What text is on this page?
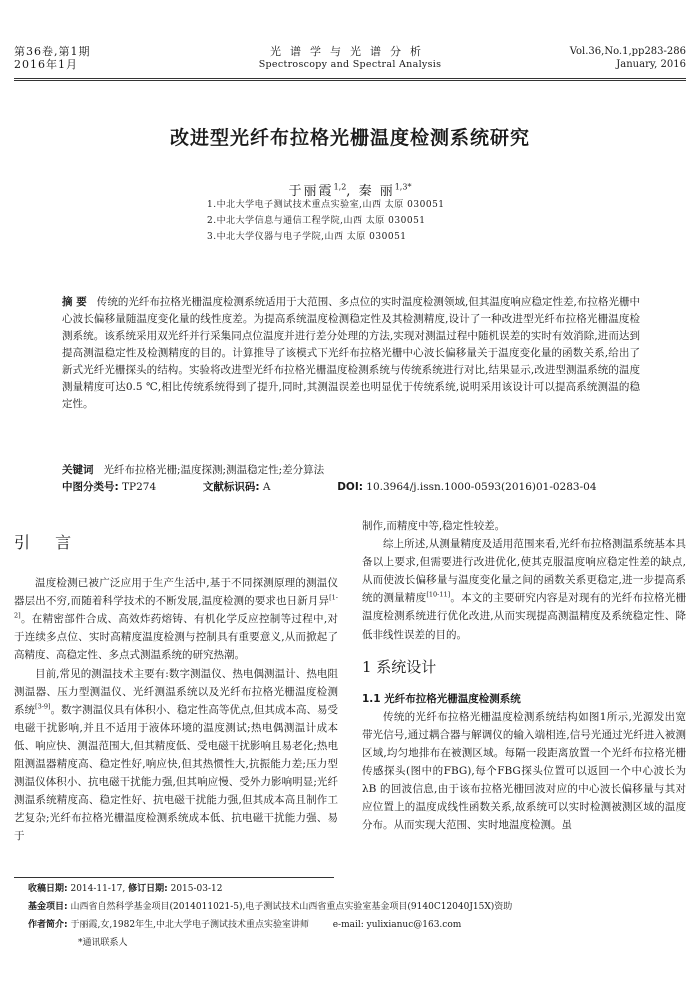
第36卷,第1期
2016年1月
光谱学与光谱分析
Spectroscopy and Spectral Analysis
Vol.36,No.1,pp283-286
January, 2016
改进型光纤布拉格光栅温度检测系统研究
于丽霞$^{1,2}$, 秦 丽$^{1,3*}$
1.中北大学电子测试技术重点实验室,山西 太原 030051
2.中北大学信息与通信工程学院,山西 太原 030051
3.中北大学仪器与电子学院,山西 太原 030051
摘 要 传统的光纤布拉格光栅温度检测系统适用于大范围、多点位的实时温度检测领域,但其温度响应稳定性差,布拉格光栅中心波长偏移量随温度变化量的线性度差。为提高系统温度检测稳定性及其检测精度,设计了一种改进型光纤布拉格光栅温度检测系统。该系统采用双光纤并行采集同点位温度并进行差分处理的方法,实现对测温过程中随机误差的实时有效消除,进而达到提高测温稳定性及检测精度的目的。计算推导了该模式下光纤布拉格光栅中心波长偏移量关于温度变化量的函数关系,给出了新式光纤光栅探头的结构。实验将改进型光纤布拉格光栅温度检测系统与传统系统进行对比,结果显示,改进型测温系统的温度测量精度可达0.5 ℃,相比传统系统得到了提升,同时,其测温误差也明显优于传统系统,说明采用该设计可以提高系统测温的稳定性。
关键词 光纤布拉格光栅;温度探测;测温稳定性;差分算法
中图分类号: TP274	文献标识码: A	DOI: 10.3964/j.issn.1000-0593(2016)01-0283-04
引 言

温度检测已被广泛应用于生产生活中,基于不同探测原理的测温仪器层出不穷,而随着科学技术的不断发展,温度检测的要求也日新月异[1-2]。在精密部件合成、高效炸药熔铸、有机化学反应控制等过程中,对于连续多点位、实时高精度温度检测与控制具有重要意义,从而掀起了高精度、高稳定性、多点式测温系统的研究热潮。

目前,常见的测温技术主要有:数字测温仪、热电偶测温计、热电阻测温器、压力型测温仪、光纤测温系统以及光纤布拉格光栅温度检测系统[3-9]。数字测温仪具有体积小、稳定性高等优点,但其成本高、易受电磁干扰影响,并且不适用于液体环境的温度测试;热电偶测温计成本低、响应快、测温范围大,但其精度低、受电磁干扰影响且易老化;热电阻测温器精度高、稳定性好,响应快,但其热惯性大,抗振能力差;压力型测温仪体积小、抗电磁干扰能力强,但其响应慢、受外力影响明显;光纤测温系统精度高、稳定性好、抗电磁干扰能力强,但其成本高且制作工艺复杂;光纤布拉格光栅温度检测系统成本低、抗电磁干扰能力强、易于

制作,而精度中等,稳定性较差。

综上所述,从测量精度及适用范围来看,光纤布拉格测温系统基本具备以上要求,但需要进行改进优化,使其克服温度响应稳定性差的缺点,从而使波长偏移量与温度变化量之间的函数关系更稳定,进一步提高系统的测量精度[10-11]。本文的主要研究内容是对现有的光纤布拉格光栅温度检测系统进行优化改进,从而实现提高测温精度及系统稳定性、降低非线性误差的目的。

1 系统设计
1.1 光纤布拉格光栅温度检测系统

传统的光纤布拉格光栅温度检测系统结构如图1所示,光源发出宽带光信号,通过耦合器与解调仪的输入端相连,信号光通过光纤进入被测区域,均匀地排布在被测区域。每隔一段距离放置一个光纤布拉格光栅传感探头(图中的FBG),每个FBG探头位置可以返回一个中心波长为 λB 的回波信息,由于该布拉格光栅回波对应的中心波长偏移量与其对应位置上的温度成线性函数关系,故系统可以实时检测被测区域的温度分布。从而实现大范围、实时地温度检测。虽

收稿日期: 2014-11-17, 修订日期: 2015-03-12
基金项目: 山西省自然科学基金项目(2014011021-5),电子测试技术山西省重点实验室基金项目(9140C12040J15X)资助
作者简介: 于丽霞,女,1982年生,中北大学电子测试技术重点实验室讲师	e-mail: yulixianuc@163.com
*通讯联系人
